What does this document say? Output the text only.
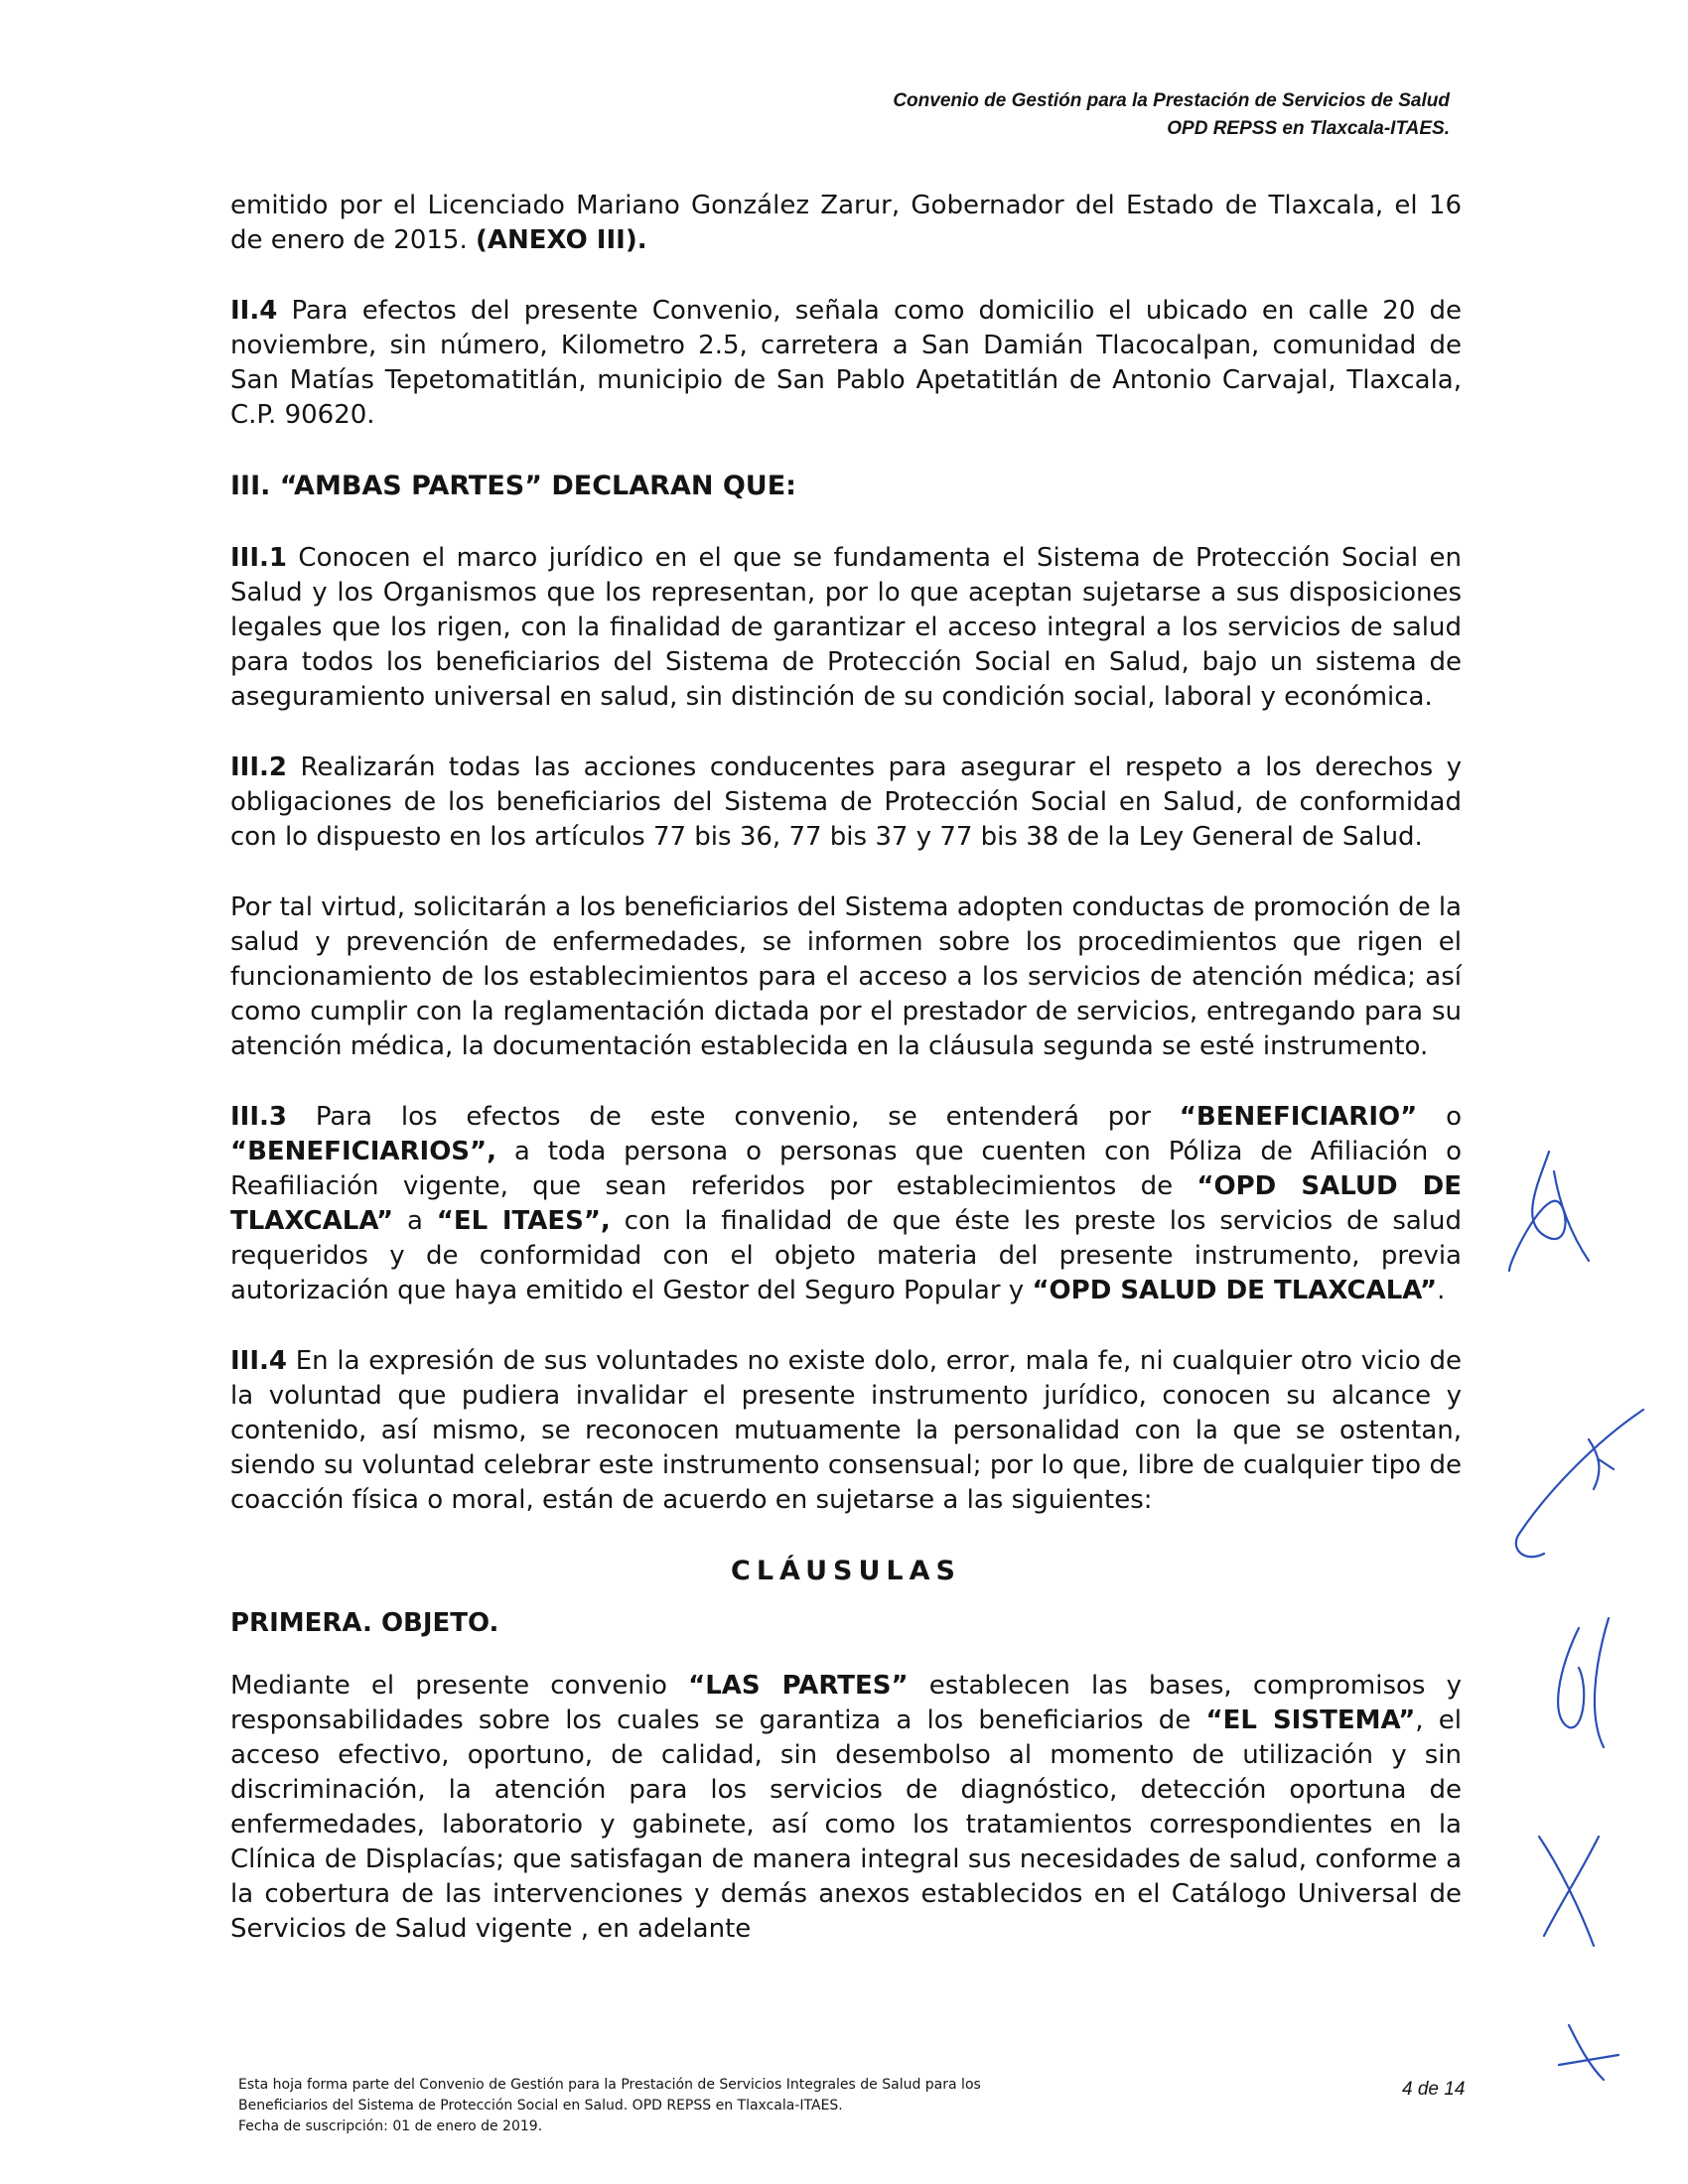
Convenio de Gestión para la Prestación de Servicios de Salud
OPD REPSS en Tlaxcala-ITAES.

emitido por el Licenciado Mariano González Zarur, Gobernador del Estado de Tlaxcala, el 16 de enero de 2015. (ANEXO III).

II.4 Para efectos del presente Convenio, señala como domicilio el ubicado en calle 20 de noviembre, sin número, Kilometro 2.5, carretera a San Damián Tlacocalpan, comunidad de San Matías Tepetomatitlán, municipio de San Pablo Apetatitlán de Antonio Carvajal, Tlaxcala, C.P. 90620.

III. “AMBAS PARTES” DECLARAN QUE:

III.1 Conocen el marco jurídico en el que se fundamenta el Sistema de Protección Social en Salud y los Organismos que los representan, por lo que aceptan sujetarse a sus disposiciones legales que los rigen, con la finalidad de garantizar el acceso integral a los servicios de salud para todos los beneficiarios del Sistema de Protección Social en Salud, bajo un sistema de aseguramiento universal en salud, sin distinción de su condición social, laboral y económica.

III.2 Realizarán todas las acciones conducentes para asegurar el respeto a los derechos y obligaciones de los beneficiarios del Sistema de Protección Social en Salud, de conformidad con lo dispuesto en los artículos 77 bis 36, 77 bis 37 y 77 bis 38 de la Ley General de Salud.

Por tal virtud, solicitarán a los beneficiarios del Sistema adopten conductas de promoción de la salud y prevención de enfermedades, se informen sobre los procedimientos que rigen el funcionamiento de los establecimientos para el acceso a los servicios de atención médica; así como cumplir con la reglamentación dictada por el prestador de servicios, entregando para su atención médica, la documentación establecida en la cláusula segunda se esté instrumento.

III.3 Para los efectos de este convenio, se entenderá por “BENEFICIARIO” o “BENEFICIARIOS”, a toda persona o personas que cuenten con Póliza de Afiliación o Reafiliación vigente, que sean referidos por establecimientos de “OPD SALUD DE TLAXCALA” a “EL ITAES”, con la finalidad de que éste les preste los servicios de salud requeridos y de conformidad con el objeto materia del presente instrumento, previa autorización que haya emitido el Gestor del Seguro Popular y “OPD SALUD DE TLAXCALA”.

III.4 En la expresión de sus voluntades no existe dolo, error, mala fe, ni cualquier otro vicio de la voluntad que pudiera invalidar el presente instrumento jurídico, conocen su alcance y contenido, así mismo, se reconocen mutuamente la personalidad con la que se ostentan, siendo su voluntad celebrar este instrumento consensual; por lo que, libre de cualquier tipo de coacción física o moral, están de acuerdo en sujetarse a las siguientes:

CLÁUSULAS
PRIMERA. OBJETO.

Mediante el presente convenio “LAS PARTES” establecen las bases, compromisos y responsabilidades sobre los cuales se garantiza a los beneficiarios de “EL SISTEMA”, el acceso efectivo, oportuno, de calidad, sin desembolso al momento de utilización y sin discriminación, la atención para los servicios de diagnóstico, detección oportuna de enfermedades, laboratorio y gabinete, así como los tratamientos correspondientes en la Clínica de Displacías; que satisfagan de manera integral sus necesidades de salud, conforme a la cobertura de las intervenciones y demás anexos establecidos en el Catálogo Universal de Servicios de Salud vigente , en adelante

Esta hoja forma parte del Convenio de Gestión para la Prestación de Servicios Integrales de Salud para los
Beneficiarios del Sistema de Protección Social en Salud. OPD REPSS en Tlaxcala-ITAES.
Fecha de suscripción: 01 de enero de 2019.
4 de 14
